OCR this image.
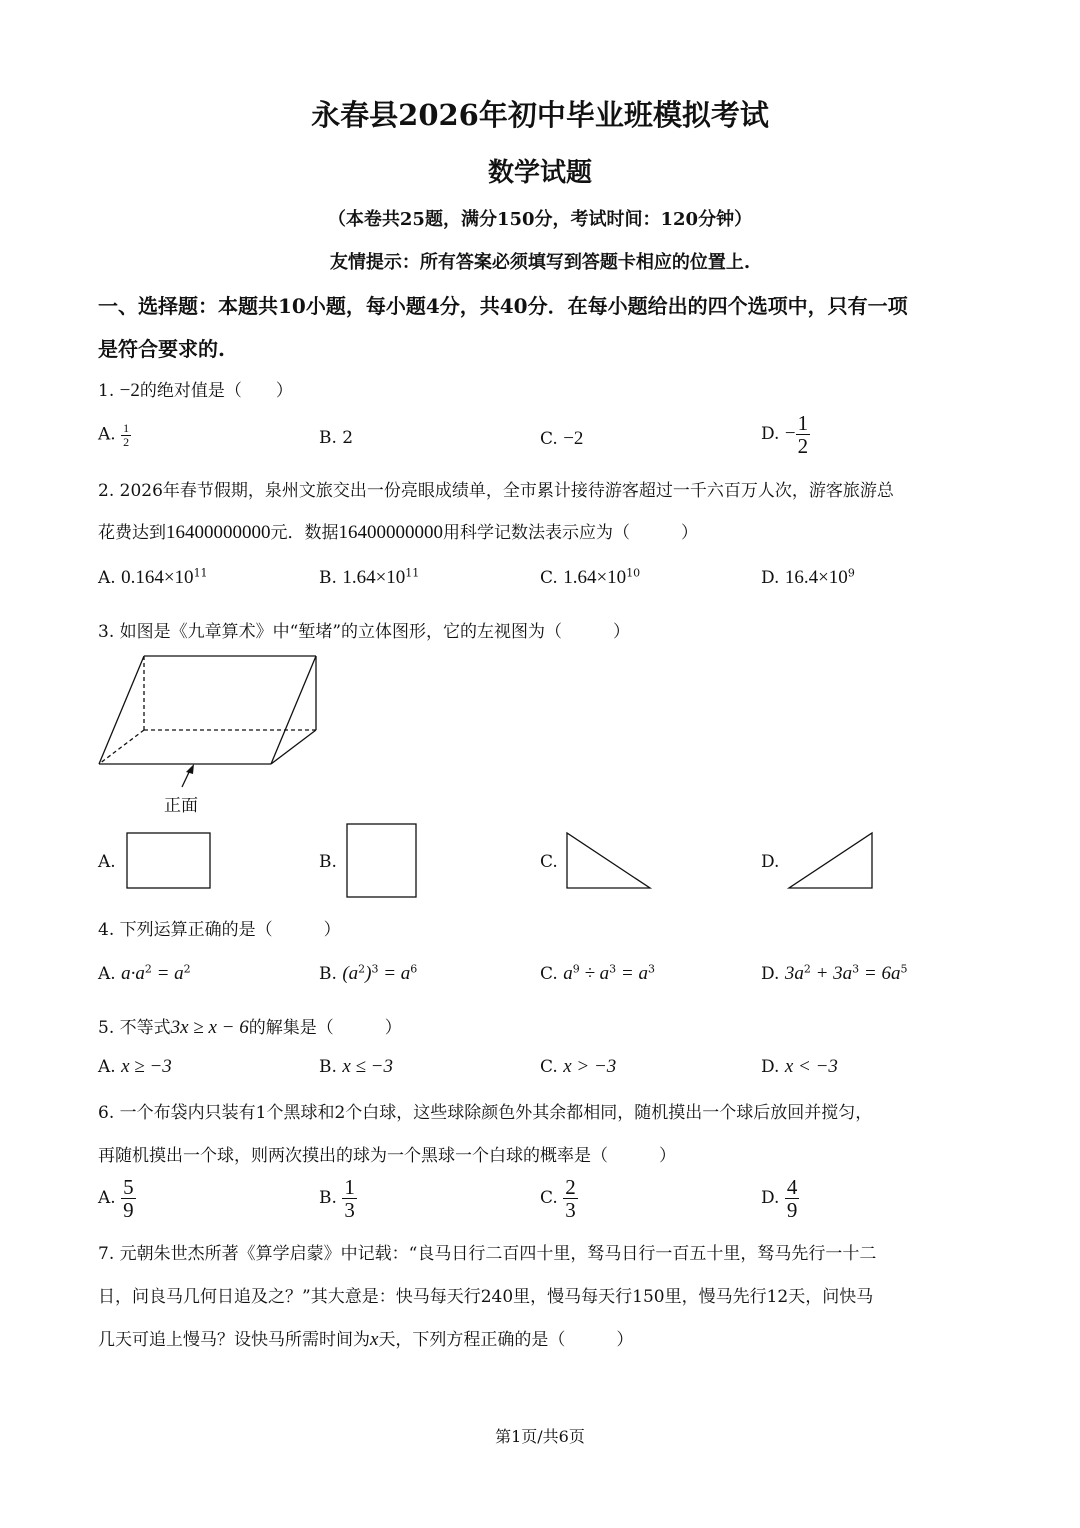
永春县2026年初中毕业班模拟考试
数学试题
（本卷共25题，满分150分，考试时间：120分钟）
友情提示：所有答案必须填写到答题卡相应的位置上.
一、选择题：本题共10小题，每小题4分，共40分．在每小题给出的四个选项中，只有一项
是符合要求的.
1. −2的绝对值是（　　）
A. $\frac{1}{2}$	B. 2	C. −2	D. − $\frac{1}{2}$
2. 2026年春节假期，泉州文旅交出一份亮眼成绩单，全市累计接待游客超过一千六百万人次，游客旅游总
花费达到16400000000元．数据16400000000用科学记数法表示应为（　　　）
A. $0.164\times 10^{11}$	B. $1.64\times 10^{11}$	C. $1.64\times 10^{10}$	D. $16.4\times 10^9$
3. 如图是《九章算术》中“堑堵”的立体图形，它的左视图为（　　　）
正面
A.	B.	C.	D.
4. 下列运算正确的是（　　　）
A. $a\cdot a^2 = a^2$	B. $(a^2)^3 = a^6$	C. $a^9 \div a^3 = a^3$	D. $3a^2 + 3a^3 = 6a^5$
5. 不等式3x ≥ x − 6的解集是（　　　）
A. x ≥ −3	B. x ≤ −3	C. x > −3	D. x < −3
6. 一个布袋内只装有1个黑球和2个白球，这些球除颜色外其余都相同，随机摸出一个球后放回并搅匀，
再随机摸出一个球，则两次摸出的球为一个黑球一个白球的概率是（　　　）
A. $\frac{5}{9}$	B. $\frac{1}{3}$	C. $\frac{2}{3}$	D. $\frac{4}{9}$
7. 元朝朱世杰所著《算学启蒙》中记载：“良马日行二百四十里，驽马日行一百五十里，驽马先行一十二
日，问良马几何日追及之？”其大意是：快马每天行240里，慢马每天行150里，慢马先行12天，问快马
几天可追上慢马？设快马所需时间为x天，下列方程正确的是（　　　）
第1页/共6页
